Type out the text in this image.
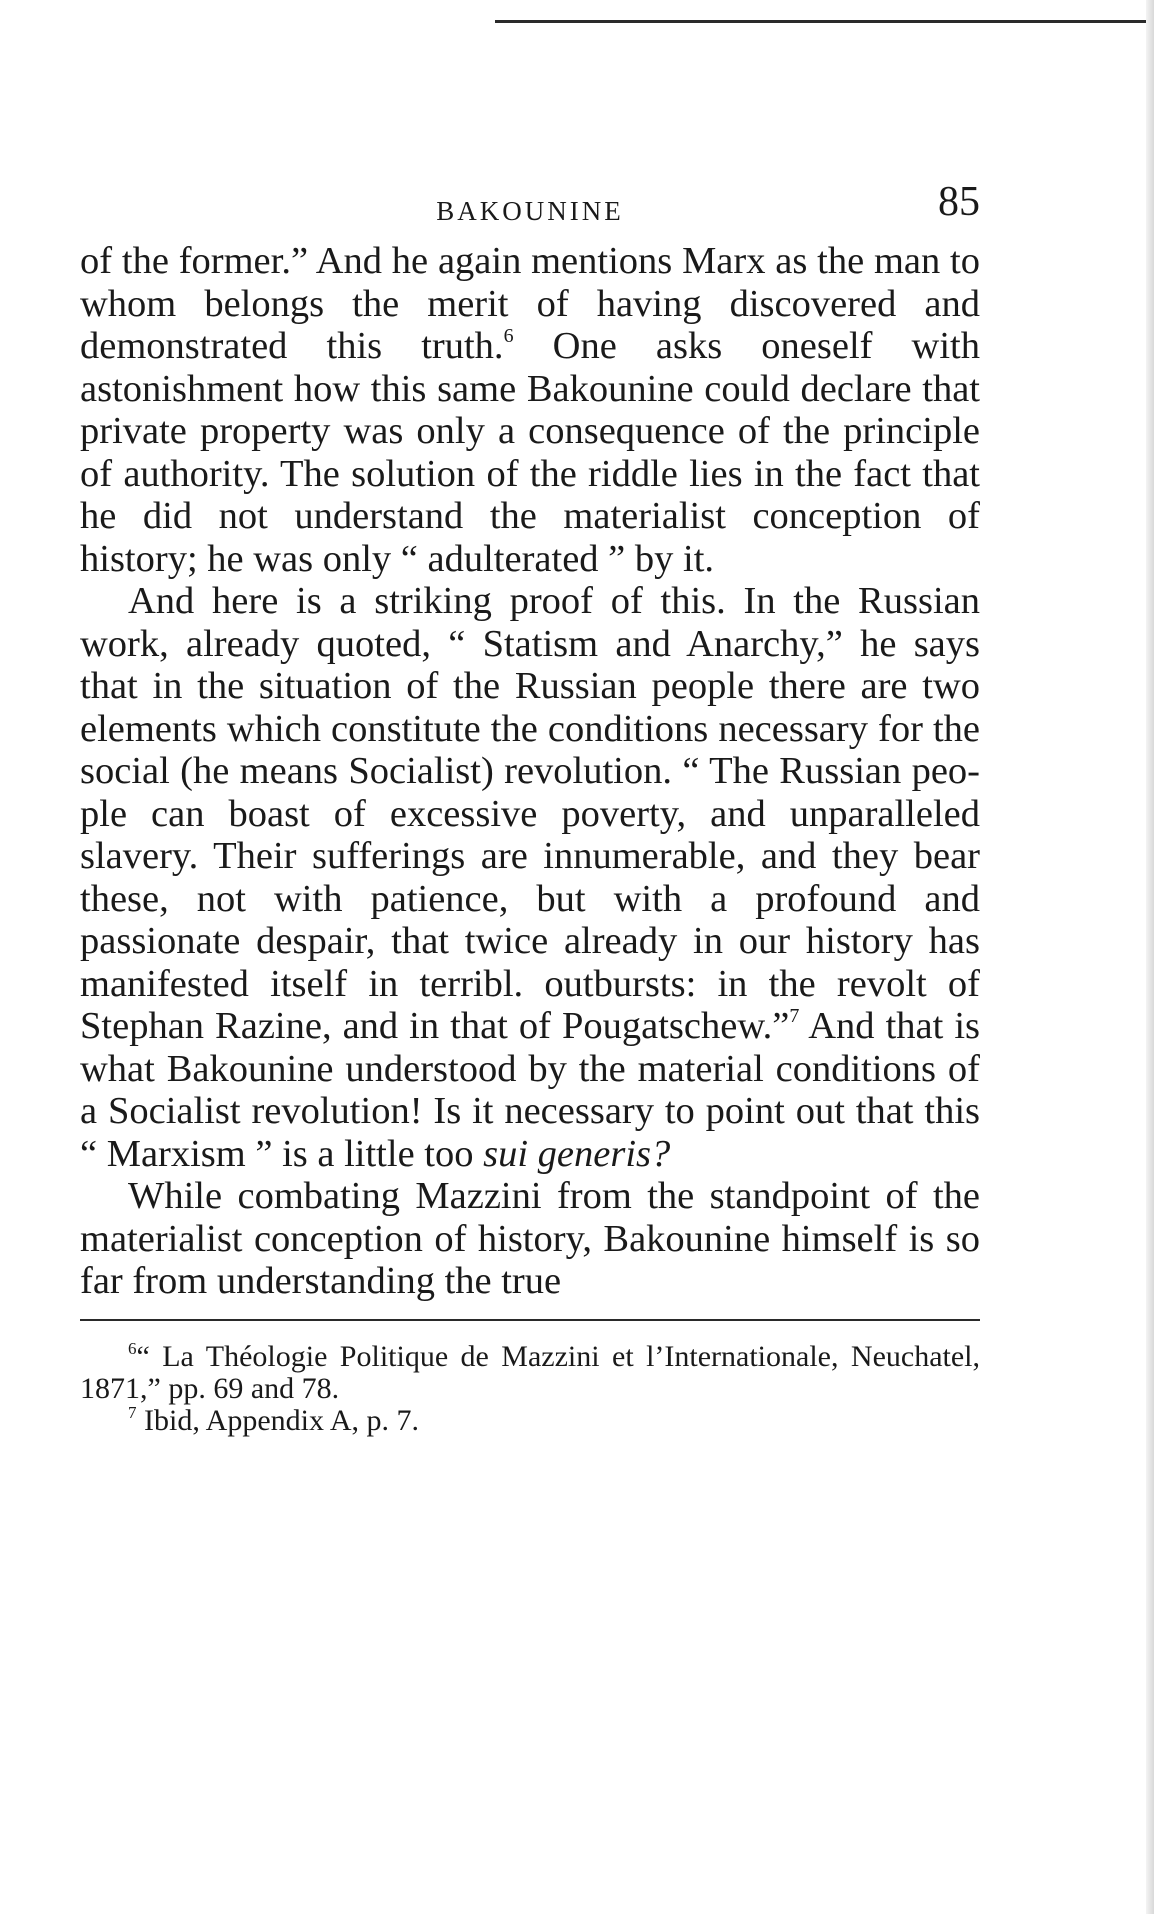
BAKOUNINE	85

of the former.” And he again mentions Marx as the man to whom belongs the merit of having discovered and demonstrated this truth.$^6$ One asks oneself with astonishment how this same Bakounine could declare that private property was only a consequence of the principle of authority. The solution of the riddle lies in the fact that he did not understand the materialist conception of history; he was only “ adulterated ” by it.

And here is a striking proof of this. In the Russian work, already quoted, “ Statism and Anarchy,” he says that in the situation of the Russian people there are two elements which constitute the conditions necessary for the social (he means Socialist) revolution. “ The Russian people can boast of excessive poverty, and unparalleled slavery. Their sufferings are innumerable, and they bear these, not with patience, but with a profound and passionate despair, that twice already in our history has manifested itself in terribl. outbursts: in the revolt of Stephan Razine, and in that of Pougatschew.”$^7$ And that is what Bakounine understood by the material conditions of a Socialist revolution! Is it necessary to point out that this “ Marxism ” is a little too sui generis?

While combating Mazzini from the standpoint of the materialist conception of history, Bakounine himself is so far from understanding the true

$^6$“ La Théologie Politique de Mazzini et l’Internationale, Neuchatel, 1871,” pp. 69 and 78.

$^7$ Ibid, Appendix A, p. 7.
